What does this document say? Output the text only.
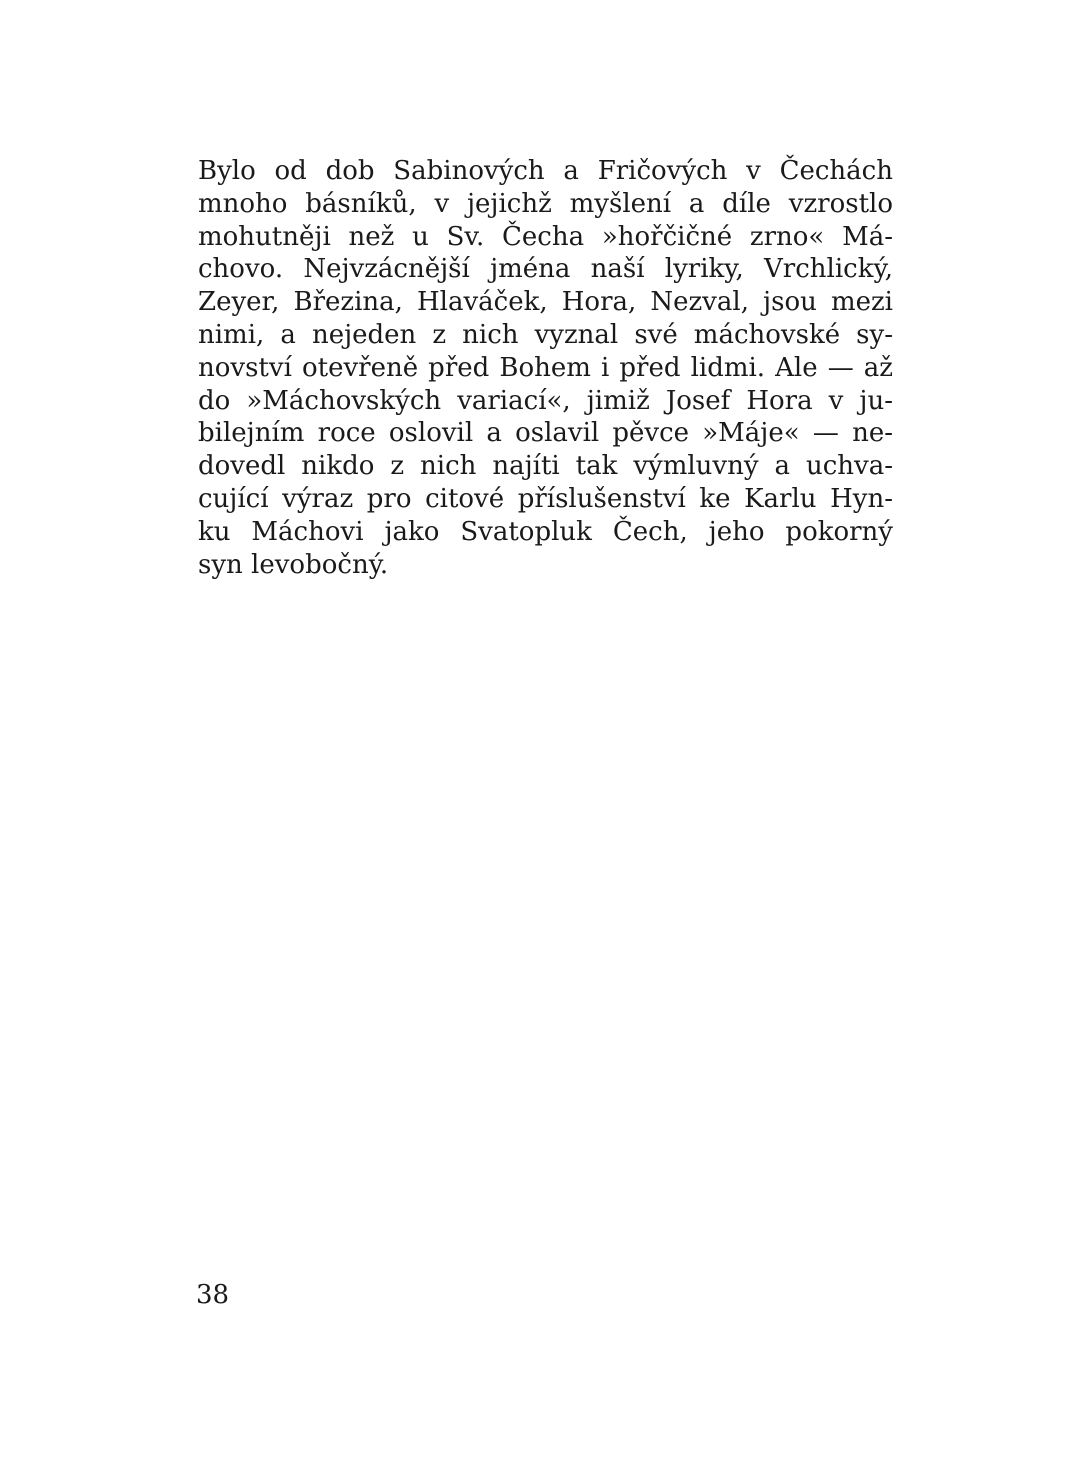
Bylo od dob Sabinových a Fričových v Čechách
mnoho básníků, v jejichž myšlení a díle vzrostlo
mohutněji než u Sv. Čecha »hořčičné zrno« Má-
chovo. Nejvzácnější jména naší lyriky, Vrchlický,
Zeyer, Březina, Hlaváček, Hora, Nezval, jsou mezi
nimi, a nejeden z nich vyznal své máchovské sy-
novství otevřeně před Bohem i před lidmi. Ale — až
do »Máchovských variací«, jimiž Josef Hora v ju-
bilejním roce oslovil a oslavil pěvce »Máje« — ne-
dovedl nikdo z nich najíti tak výmluvný a uchva-
cující výraz pro citové příslušenství ke Karlu Hyn-
ku Máchovi jako Svatopluk Čech, jeho pokorný
syn levobočný.
38
